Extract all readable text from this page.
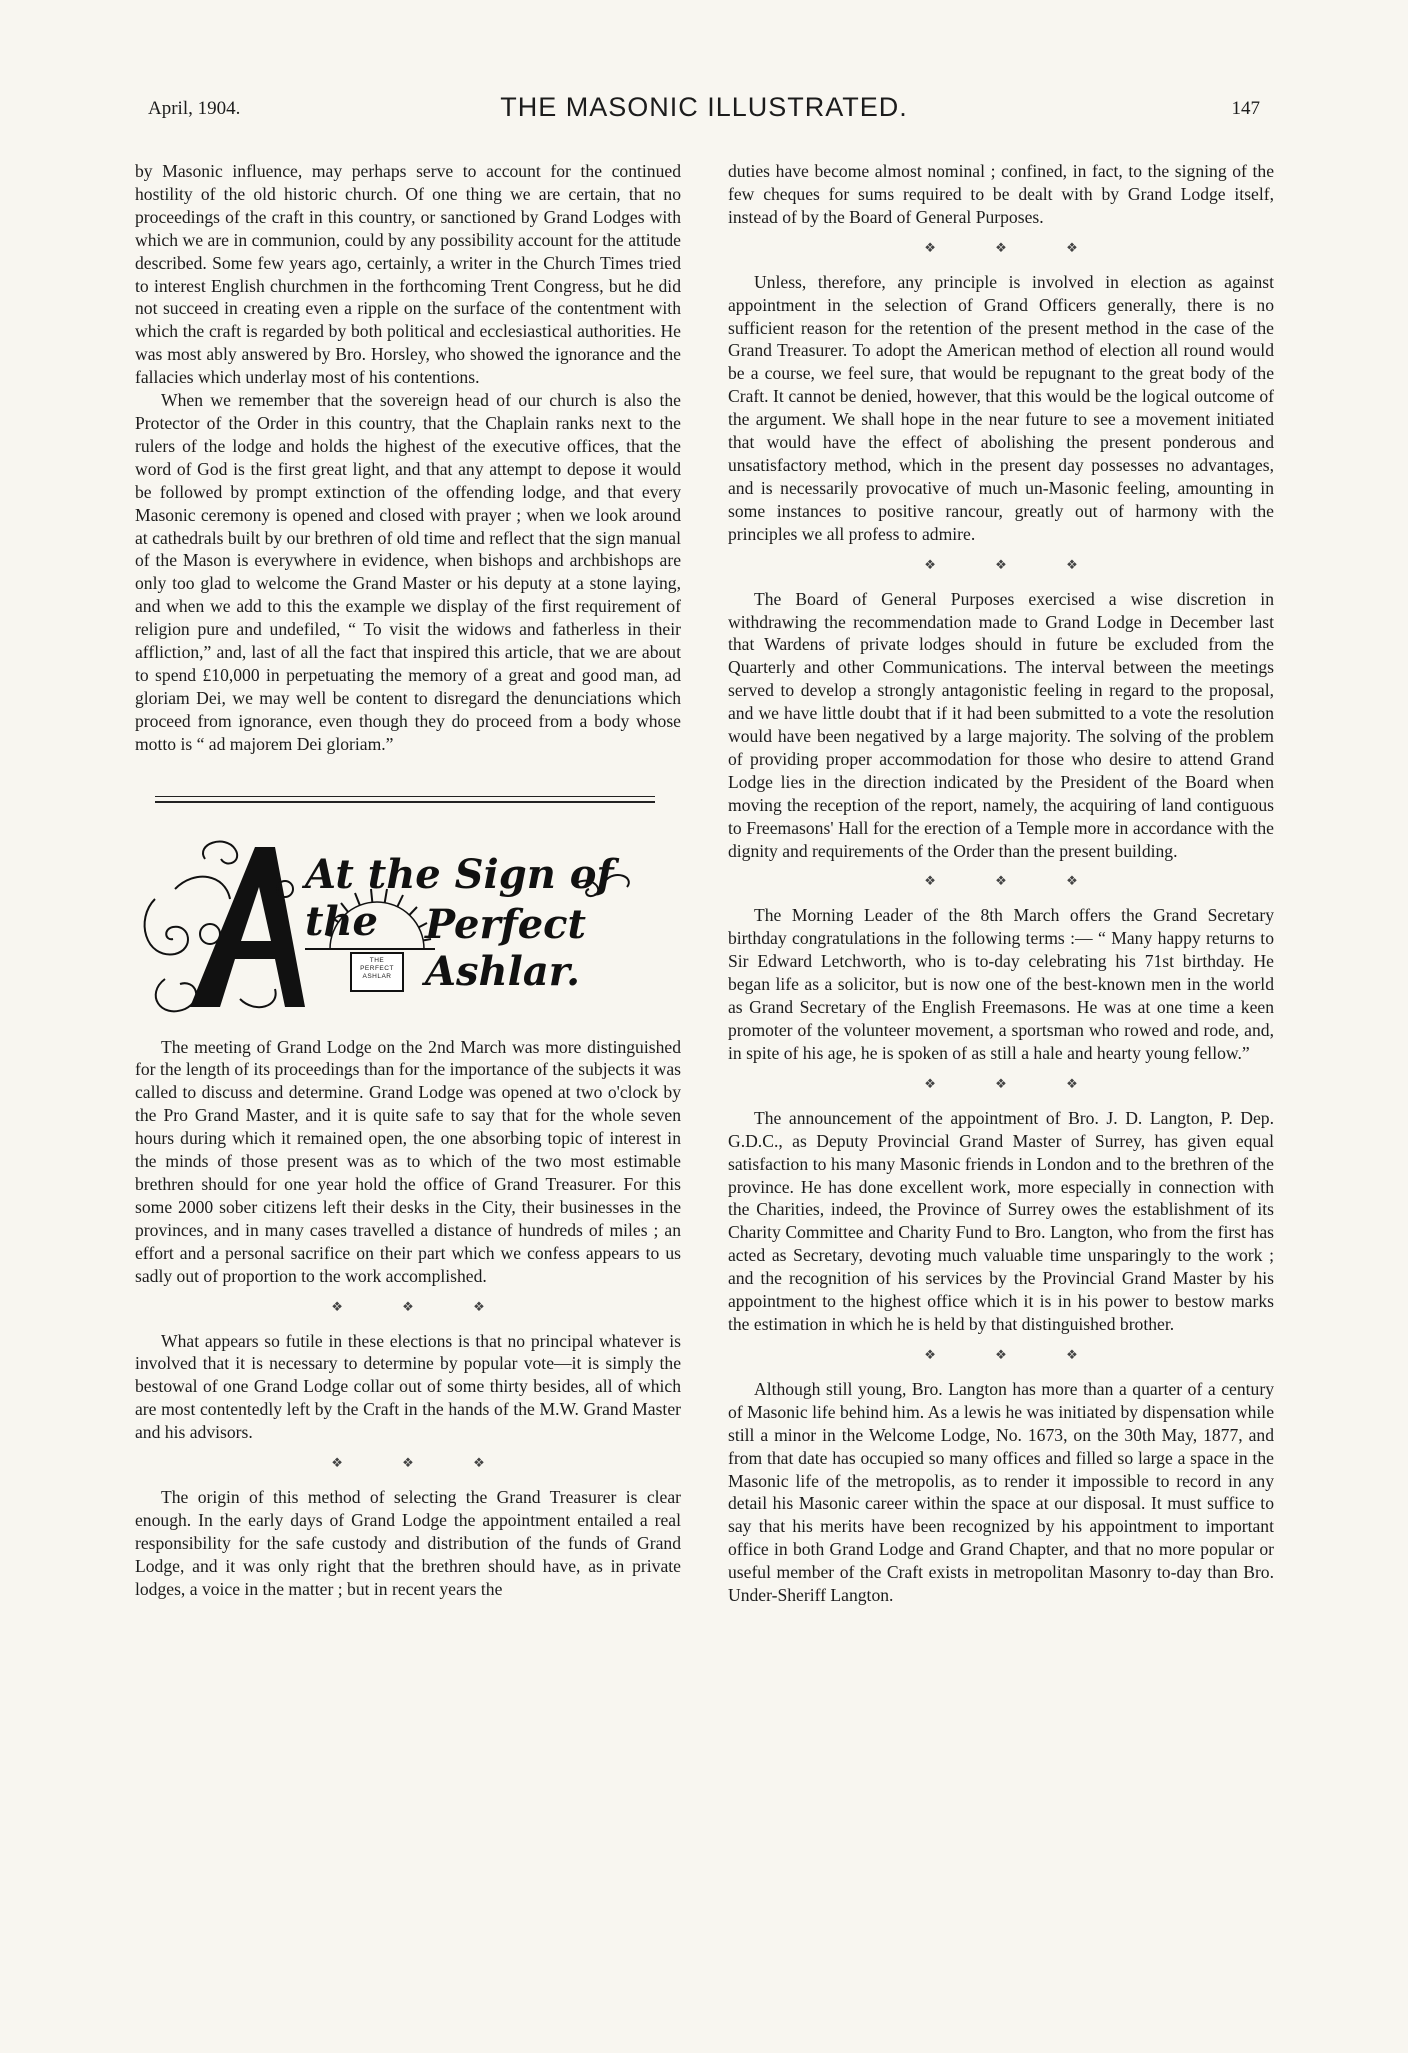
April, 1904.	THE MASONIC ILLUSTRATED.	147

by Masonic influence, may perhaps serve to account for the continued hostility of the old historic church. Of one thing we are certain, that no proceedings of the craft in this country, or sanctioned by Grand Lodges with which we are in communion, could by any possibility account for the attitude described. Some few years ago, certainly, a writer in the Church Times tried to interest English churchmen in the forthcoming Trent Congress, but he did not succeed in creating even a ripple on the surface of the contentment with which the craft is regarded by both political and ecclesiastical authorities. He was most ably answered by Bro. Horsley, who showed the ignorance and the fallacies which underlay most of his contentions.

When we remember that the sovereign head of our church is also the Protector of the Order in this country, that the Chaplain ranks next to the rulers of the lodge and holds the highest of the executive offices, that the word of God is the first great light, and that any attempt to depose it would be followed by prompt extinction of the offending lodge, and that every Masonic ceremony is opened and closed with prayer ; when we look around at cathedrals built by our brethren of old time and reflect that the sign manual of the Mason is everywhere in evidence, when bishops and archbishops are only too glad to welcome the Grand Master or his deputy at a stone laying, and when we add to this the example we display of the first requirement of religion pure and undefiled, “ To visit the widows and fatherless in their affliction,” and, last of all the fact that inspired this article, that we are about to spend £10,000 in perpetuating the memory of a great and good man, ad gloriam Dei, we may well be content to disregard the denunciations which proceed from ignorance, even though they do proceed from a body whose motto is “ ad majorem Dei gloriam.”

At the Sign of the	Perfect Ashlar.
THE PERFECT ASHLAR

The meeting of Grand Lodge on the 2nd March was more distinguished for the length of its proceedings than for the importance of the subjects it was called to discuss and determine. Grand Lodge was opened at two o'clock by the Pro Grand Master, and it is quite safe to say that for the whole seven hours during which it remained open, the one absorbing topic of interest in the minds of those present was as to which of the two most estimable brethren should for one year hold the office of Grand Treasurer. For this some 2000 sober citizens left their desks in the City, their businesses in the provinces, and in many cases travelled a distance of hundreds of miles ; an effort and a personal sacrifice on their part which we confess appears to us sadly out of proportion to the work accomplished.

❖ ❖ ❖

What appears so futile in these elections is that no principal whatever is involved that it is necessary to determine by popular vote—it is simply the bestowal of one Grand Lodge collar out of some thirty besides, all of which are most contentedly left by the Craft in the hands of the M.W. Grand Master and his advisors.

❖ ❖ ❖

The origin of this method of selecting the Grand Treasurer is clear enough. In the early days of Grand Lodge the appointment entailed a real responsibility for the safe custody and distribution of the funds of Grand Lodge, and it was only right that the brethren should have, as in private lodges, a voice in the matter ; but in recent years the

duties have become almost nominal ; confined, in fact, to the signing of the few cheques for sums required to be dealt with by Grand Lodge itself, instead of by the Board of General Purposes.

❖ ❖ ❖

Unless, therefore, any principle is involved in election as against appointment in the selection of Grand Officers generally, there is no sufficient reason for the retention of the present method in the case of the Grand Treasurer. To adopt the American method of election all round would be a course, we feel sure, that would be repugnant to the great body of the Craft. It cannot be denied, however, that this would be the logical outcome of the argument. We shall hope in the near future to see a movement initiated that would have the effect of abolishing the present ponderous and unsatisfactory method, which in the present day possesses no advantages, and is necessarily provocative of much un-Masonic feeling, amounting in some instances to positive rancour, greatly out of harmony with the principles we all profess to admire.

❖ ❖ ❖

The Board of General Purposes exercised a wise discretion in withdrawing the recommendation made to Grand Lodge in December last that Wardens of private lodges should in future be excluded from the Quarterly and other Communications. The interval between the meetings served to develop a strongly antagonistic feeling in regard to the proposal, and we have little doubt that if it had been submitted to a vote the resolution would have been negatived by a large majority. The solving of the problem of providing proper accommodation for those who desire to attend Grand Lodge lies in the direction indicated by the President of the Board when moving the reception of the report, namely, the acquiring of land contiguous to Freemasons' Hall for the erection of a Temple more in accordance with the dignity and requirements of the Order than the present building.

❖ ❖ ❖

The Morning Leader of the 8th March offers the Grand Secretary birthday congratulations in the following terms :— “ Many happy returns to Sir Edward Letchworth, who is to-day celebrating his 71st birthday. He began life as a solicitor, but is now one of the best-known men in the world as Grand Secretary of the English Freemasons. He was at one time a keen promoter of the volunteer movement, a sportsman who rowed and rode, and, in spite of his age, he is spoken of as still a hale and hearty young fellow.”

❖ ❖ ❖

The announcement of the appointment of Bro. J. D. Langton, P. Dep. G.D.C., as Deputy Provincial Grand Master of Surrey, has given equal satisfaction to his many Masonic friends in London and to the brethren of the province. He has done excellent work, more especially in connection with the Charities, indeed, the Province of Surrey owes the establishment of its Charity Committee and Charity Fund to Bro. Langton, who from the first has acted as Secretary, devoting much valuable time unsparingly to the work ; and the recognition of his services by the Provincial Grand Master by his appointment to the highest office which it is in his power to bestow marks the estimation in which he is held by that distinguished brother.

❖ ❖ ❖

Although still young, Bro. Langton has more than a quarter of a century of Masonic life behind him. As a lewis he was initiated by dispensation while still a minor in the Welcome Lodge, No. 1673, on the 30th May, 1877, and from that date has occupied so many offices and filled so large a space in the Masonic life of the metropolis, as to render it impossible to record in any detail his Masonic career within the space at our disposal. It must suffice to say that his merits have been recognized by his appointment to important office in both Grand Lodge and Grand Chapter, and that no more popular or useful member of the Craft exists in metropolitan Masonry to-day than Bro. Under-Sheriff Langton.
